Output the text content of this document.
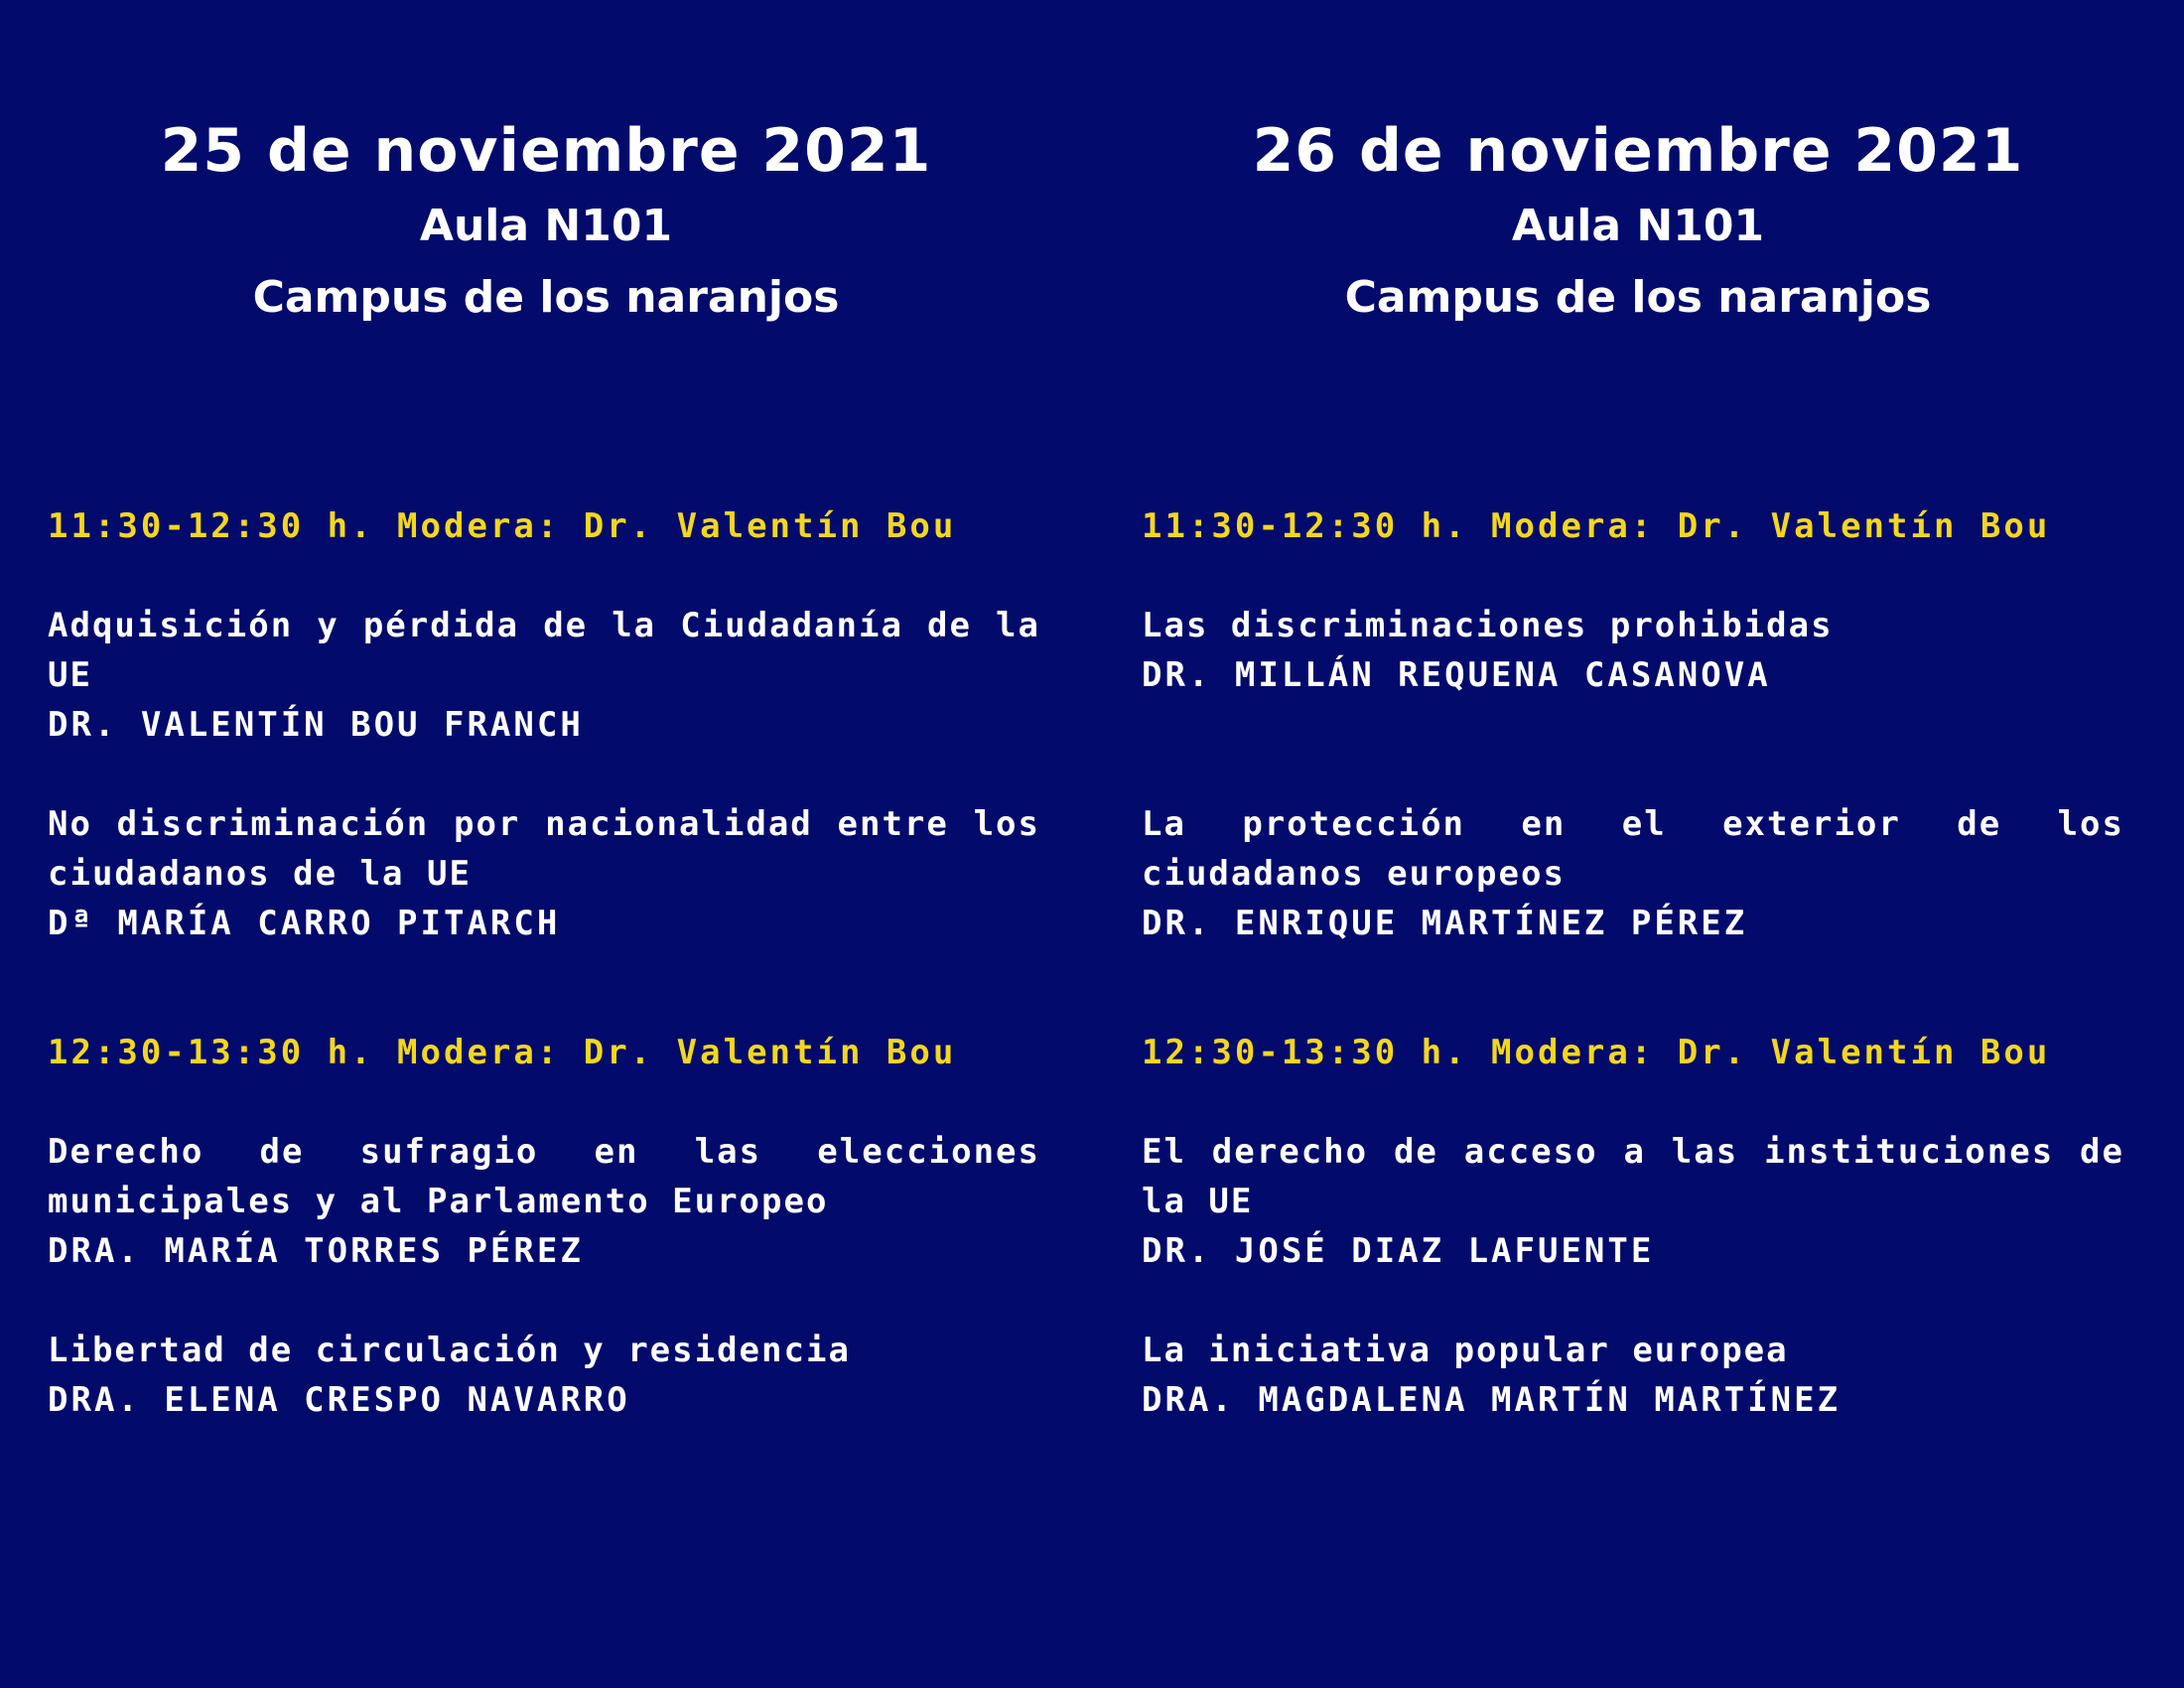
25 de noviembre 2021
Aula N101
Campus de los naranjos
11:30-12:30 h. Modera: Dr. Valentín Bou
Adquisición y pérdida de la Ciudadanía de la UE
DR. VALENTÍN BOU FRANCH
No discriminación por nacionalidad entre los ciudadanos de la UE
Dª MARÍA CARRO PITARCH
12:30-13:30 h. Modera: Dr. Valentín Bou
Derecho de sufragio en las elecciones municipales y al Parlamento Europeo
DRA. MARÍA TORRES PÉREZ
Libertad de circulación y residencia
DRA. ELENA CRESPO NAVARRO
26 de noviembre 2021
Aula N101
Campus de los naranjos
11:30-12:30 h. Modera: Dr. Valentín Bou
Las discriminaciones prohibidas
DR. MILLÁN REQUENA CASANOVA
La protección en el exterior de los ciudadanos europeos
DR. ENRIQUE MARTÍNEZ PÉREZ
12:30-13:30 h. Modera: Dr. Valentín Bou
El derecho de acceso a las instituciones de la UE
DR. JOSÉ DIAZ LAFUENTE
La iniciativa popular europea
DRA. MAGDALENA MARTÍN MARTÍNEZ
